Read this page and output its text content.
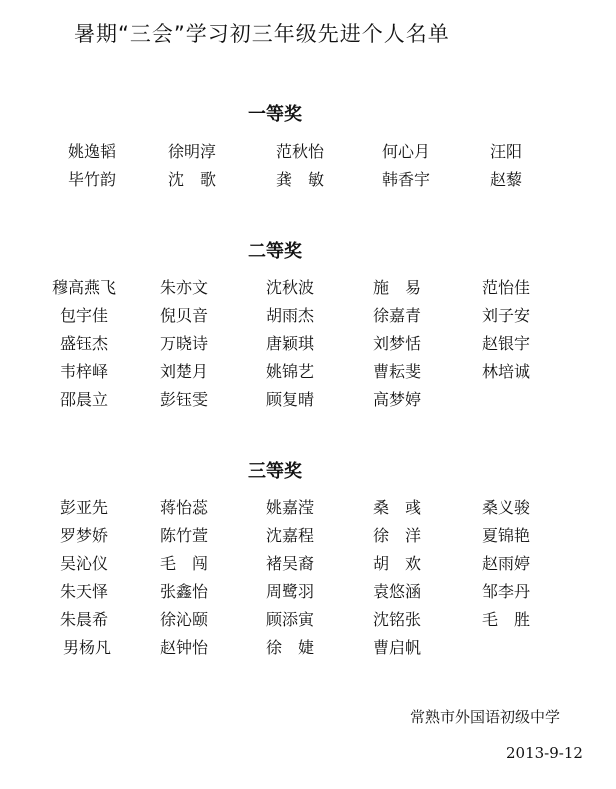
暑期“三会”学习初三年级先进个人名单
一等奖
姚逸韬	徐明淳	范秋怡	何心月	汪阳
毕竹韵	沈　歌	龚　敏	韩香宇	赵藜
二等奖
穆高燕飞	朱亦文	沈秋波	施　易	范怡佳
包宇佳	倪贝音	胡雨杰	徐嘉青	刘子安
盛钰杰	万晓诗	唐颖琪	刘梦恬	赵银宇
韦梓峄	刘楚月	姚锦艺	曹耘斐	林培诚
邵晨立	彭钰雯	顾复晴	高梦婷
三等奖
彭亚先	蒋怡蕊	姚嘉滢	桑　彧	桑义骏
罗梦娇	陈竹萱	沈嘉程	徐　洋	夏锦艳
吴沁仪	毛　闯	褚吴裔	胡　欢	赵雨婷
朱天怿	张鑫怡	周鹭羽	袁悠涵	邹李丹
朱晨希	徐沁颐	顾添寅	沈铭张	毛　胜
男杨凡	赵钟怡	徐　婕	曹启帆
常熟市外国语初级中学
2013-9-12
